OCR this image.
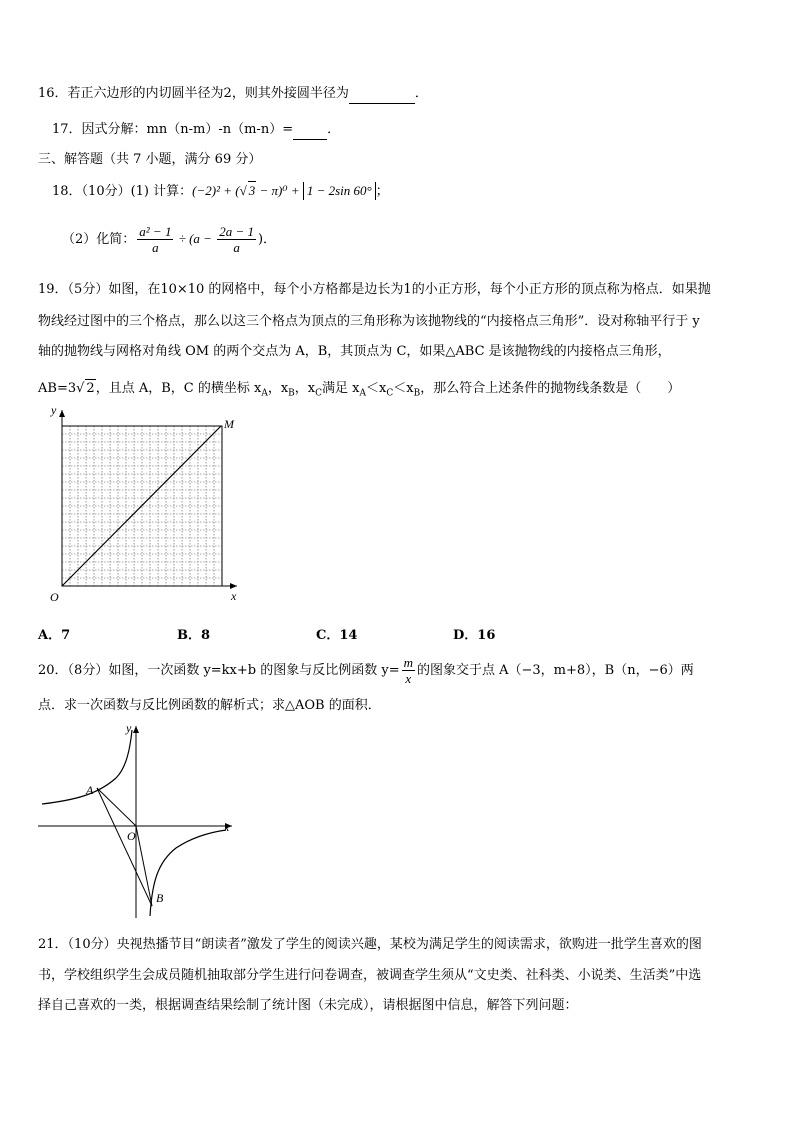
16．若正六边形的内切圆半径为2，则其外接圆半径为	．
17．因式分解：mn（n-m）-n（m-n）=	．
三、解答题（共 7 小题，满分 69 分）
18．（10分）(1) 计算：(−2)² + (√ 3 − π)⁰ + 1 − 2sin 60° ；
（2）化简： $\frac{\text{a² − 1}}{a} \div (a - \frac{2a - 1}{a}$ )．
19．（5分）如图，在10×10 的网格中，每个小方格都是边长为1的小正方形，每个小正方形的顶点称为格点．如果抛
物线经过图中的三个格点，那么以这三个格点为顶点的三角形称为该抛物线的“内接格点三角形”．设对称轴平行于 y
轴的抛物线与网格对角线 OM 的两个交点为 A，B，其顶点为 C，如果△ABC 是该抛物线的内接格点三角形，
AB=3√ 2，且点 A，B，C 的横坐标 $x_A$，$x_B$，$x_C$满足 $x_A<x_C<x_B$，那么符合上述条件的抛物线条数是（　　）
y
x
O
M
A．7	B．8	C．14	D．16
20．（8分）如图，一次函数 y=kx+b 的图象与反比例函数 $y= \frac{m}{x}$ 的图象交于点 A（−3，m+8），B（n，−6）两
点．求一次函数与反比例函数的解析式；求△AOB 的面积．
y
x
O
A
B
21．（10分）央视热播节目“朗读者”激发了学生的阅读兴趣，某校为满足学生的阅读需求，欲购进一批学生喜欢的图
书，学校组织学生会成员随机抽取部分学生进行问卷调查，被调查学生须从“文史类、社科类、小说类、生活类”中选
择自己喜欢的一类，根据调查结果绘制了统计图（未完成），请根据图中信息，解答下列问题：
